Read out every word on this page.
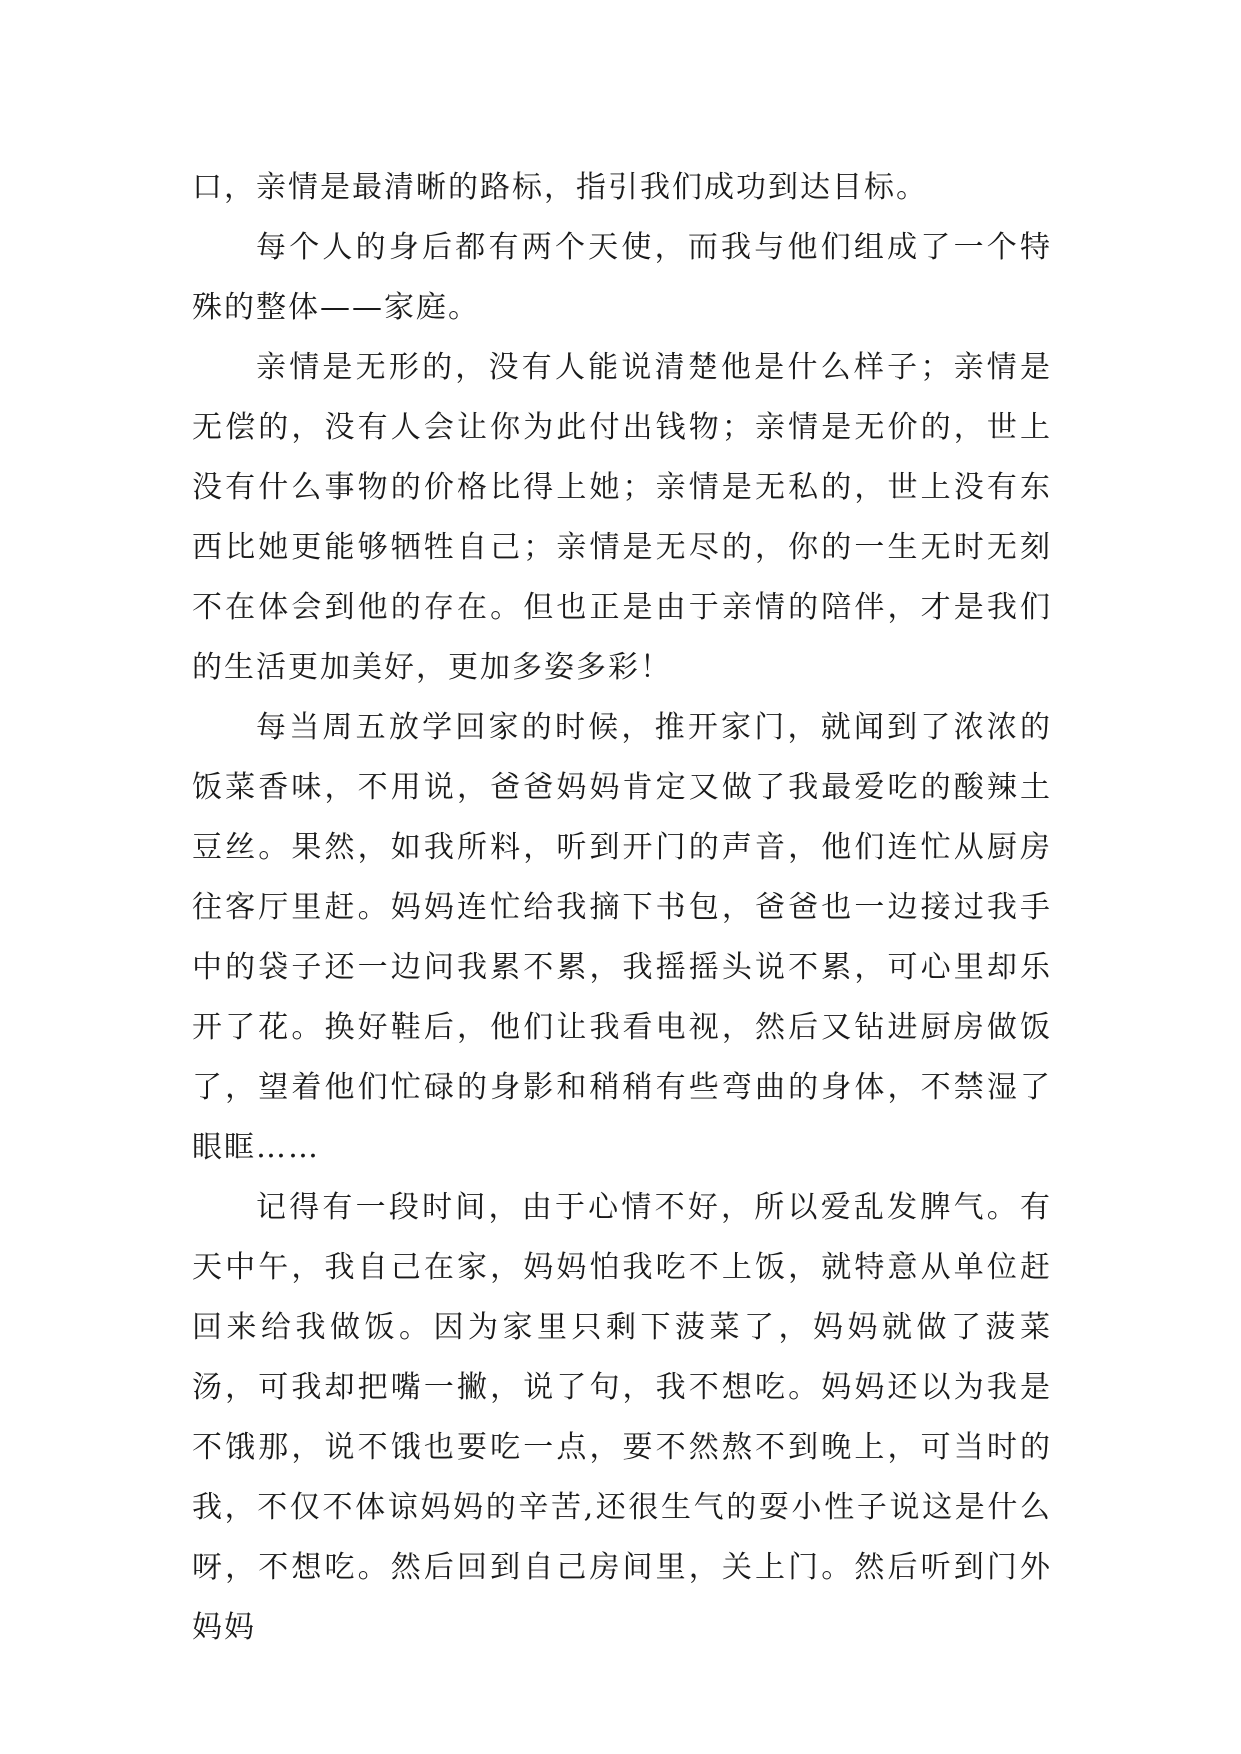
口，亲情是最清晰的路标，指引我们成功到达目标。

每个人的身后都有两个天使，而我与他们组成了一个特殊的整体——家庭。

亲情是无形的，没有人能说清楚他是什么样子；亲情是无偿的，没有人会让你为此付出钱物；亲情是无价的，世上没有什么事物的价格比得上她；亲情是无私的，世上没有东西比她更能够牺牲自己；亲情是无尽的，你的一生无时无刻不在体会到他的存在。但也正是由于亲情的陪伴，才是我们的生活更加美好，更加多姿多彩！

每当周五放学回家的时候，推开家门，就闻到了浓浓的饭菜香味，不用说，爸爸妈妈肯定又做了我最爱吃的酸辣土豆丝。果然，如我所料，听到开门的声音，他们连忙从厨房往客厅里赶。妈妈连忙给我摘下书包，爸爸也一边接过我手中的袋子还一边问我累不累，我摇摇头说不累，可心里却乐开了花。换好鞋后，他们让我看电视，然后又钻进厨房做饭了，望着他们忙碌的身影和稍稍有些弯曲的身体，不禁湿了眼眶……

记得有一段时间，由于心情不好，所以爱乱发脾气。有天中午，我自己在家，妈妈怕我吃不上饭，就特意从单位赶回来给我做饭。因为家里只剩下菠菜了，妈妈就做了菠菜汤，可我却把嘴一撇，说了句，我不想吃。妈妈还以为我是不饿那，说不饿也要吃一点，要不然熬不到晚上，可当时的我，不仅不体谅妈妈的辛苦,还很生气的耍小性子说这是什么呀，不想吃。然后回到自己房间里，关上门。然后听到门外妈妈
